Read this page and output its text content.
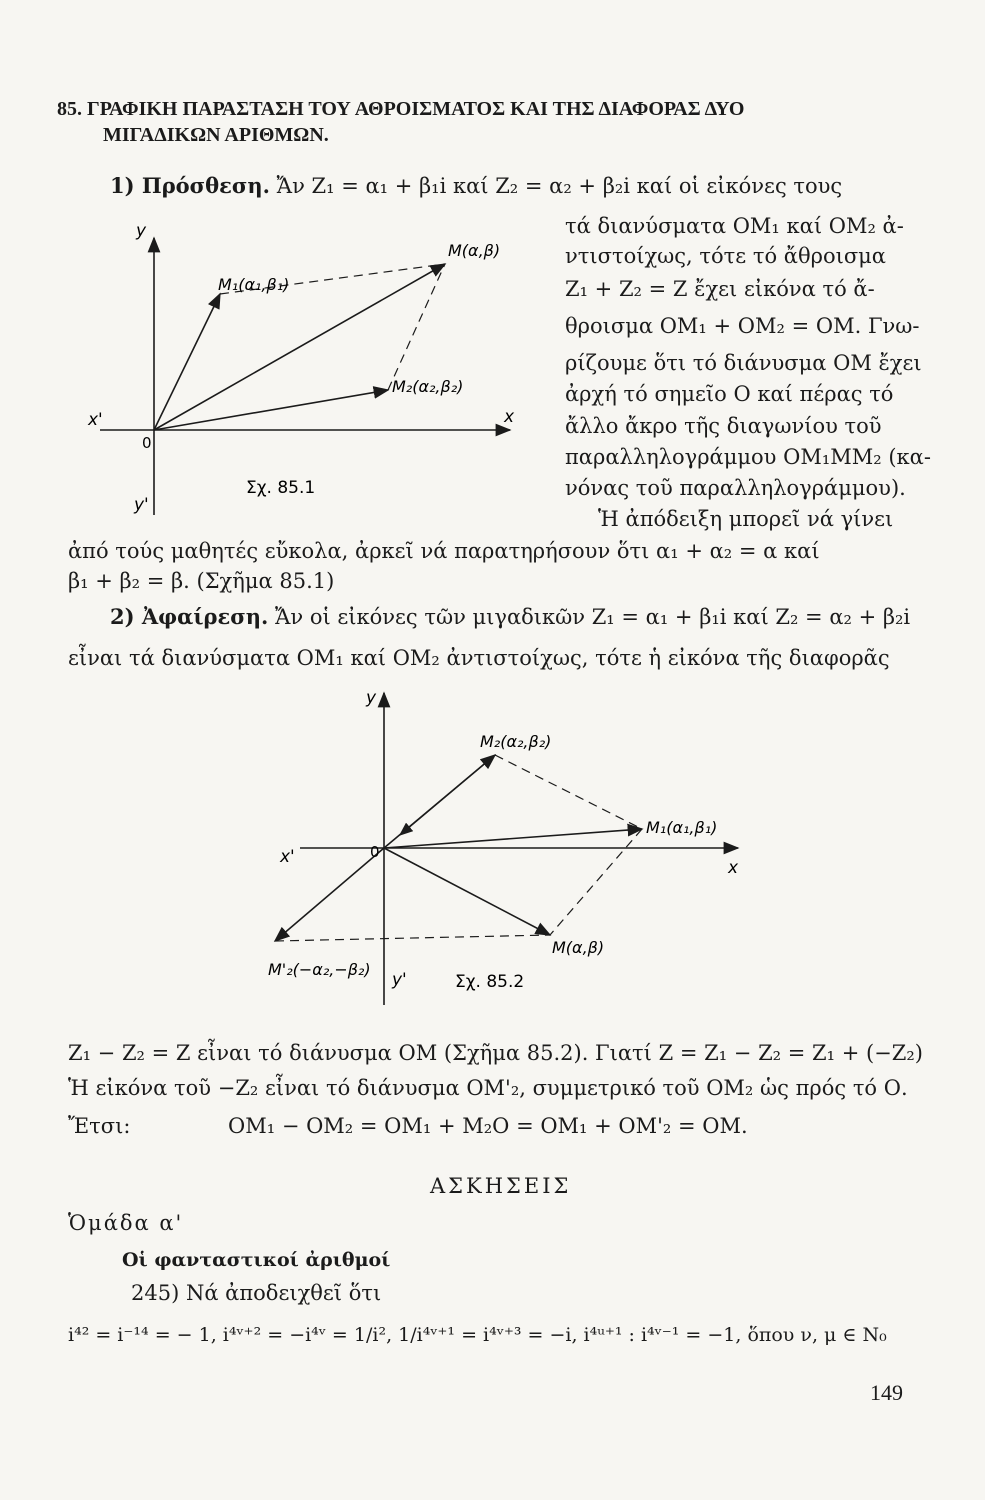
85. ΓΡΑΦΙΚΗ ΠΑΡΑΣΤΑΣΗ ΤΟΥ ΑΘΡΟΙΣΜΑΤΟΣ ΚΑΙ ΤΗΣ ΔΙΑΦΟΡΑΣ ΔΥΟ
ΜΙΓΑΔΙΚΩΝ ΑΡΙΘΜΩΝ.
1) Πρόσθεση. Ἄν Z₁ = α₁ + β₁i καί Z₂ = α₂ + β₂i καί οἱ εἰκόνες τους
τά διανύσματα ΟΜ₁ καί ΟΜ₂ ἀ-
ντιστοίχως, τότε τό ἄθροισμα
Z₁ + Z₂ = Z ἔχει εἰκόνα τό ἄ-
θροισμα ΟΜ₁ + ΟΜ₂ = ΟΜ. Γνω-
ρίζουμε ὅτι τό διάνυσμα ΟΜ ἔχει
ἀρχή τό σημεῖο Ο καί πέρας τό
ἄλλο ἄκρο τῆς διαγωνίου τοῦ
παραλληλογράμμου ΟΜ₁ΜΜ₂ (κα-
νόνας τοῦ παραλληλογράμμου).
Ἡ ἀπόδειξη μπορεῖ νά γίνει
ἀπό τούς μαθητές εὔκολα, ἀρκεῖ νά παρατηρήσουν ὅτι α₁ + α₂ = α καί
β₁ + β₂ = β. (Σχῆμα 85.1)
y
y'
x
x'
0
M₁(α₁,β₁)
M(α,β)
M₂(α₂,β₂)
Σχ. 85.1
2) Ἀφαίρεση. Ἄν οἱ εἰκόνες τῶν μιγαδικῶν Z₁ = α₁ + β₁i καί Z₂ = α₂ + β₂i
εἶναι τά διανύσματα ΟΜ₁ καί ΟΜ₂ ἀντιστοίχως, τότε ἡ εἰκόνα τῆς διαφορᾶς
y
y'
x
x'	0
M₂(α₂,β₂)
M₁(α₁,β₁)
M(α,β)
M'₂(−α₂,−β₂)
Σχ. 85.2
Z₁ − Z₂ = Z εἶναι τό διάνυσμα ΟΜ (Σχῆμα 85.2). Γιατί Z = Z₁ − Z₂ = Z₁ + (−Z₂)
Ἡ εἰκόνα τοῦ −Z₂ εἶναι τό διάνυσμα ΟΜ'₂, συμμετρικό τοῦ ΟΜ₂ ὡς πρός τό Ο.
Ἔτσι:	ΟΜ₁ − ΟΜ₂ = ΟΜ₁ + Μ₂Ο = ΟΜ₁ + ΟΜ'₂ = ΟΜ.
ΑΣΚΗΣΕΙΣ
Ὁμάδα α'
Οἱ φανταστικοί ἀριθμοί
245) Νά ἀποδειχθεῖ ὅτι
i⁴² = i⁻¹⁴ = − 1, i⁴ᵛ⁺² = −i⁴ᵛ = 1/i², 1/i⁴ᵛ⁺¹ = i⁴ᵛ⁺³ = −i, i⁴ᵘ⁺¹ : i⁴ᵛ⁻¹ = −1, ὅπου ν, μ ∈ N₀
149
